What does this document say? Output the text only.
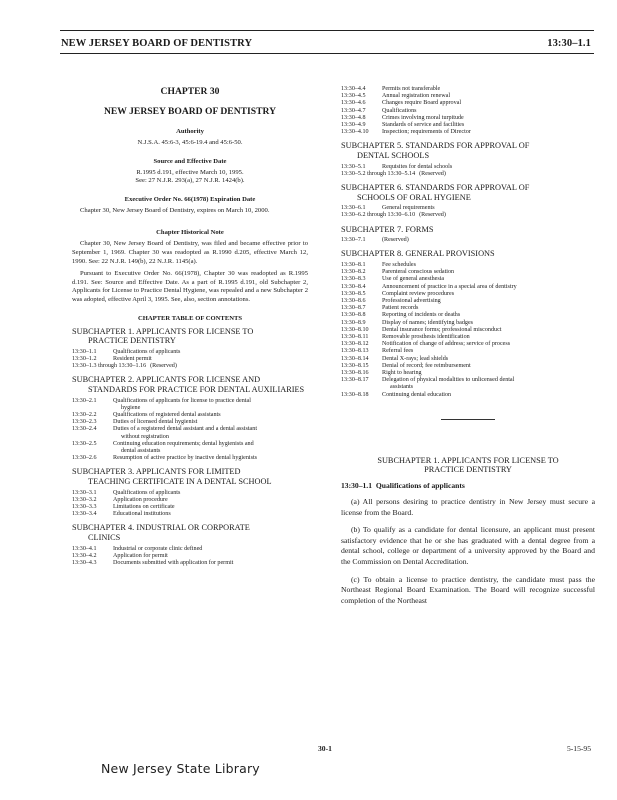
NEW JERSEY BOARD OF DENTISTRY	13:30–1.1
CHAPTER 30
NEW JERSEY BOARD OF DENTISTRY
Authority
N.J.S.A. 45:6-3, 45:6-19.4 and 45:6-50.
Source and Effective Date
R.1995 d.191, effective March 10, 1995.
See: 27 N.J.R. 293(a), 27 N.J.R. 1424(b).
Executive Order No. 66(1978) Expiration Date

Chapter 30, New Jersey Board of Dentistry, expires on March 10, 2000.

Chapter Historical Note

Chapter 30, New Jersey Board of Dentistry, was filed and became effective prior to September 1, 1969. Chapter 30 was readopted as R.1990 d.205, effective March 12, 1990. See: 22 N.J.R. 149(b), 22 N.J.R. 1145(a).

Pursuant to Executive Order No. 66(1978), Chapter 30 was readopted as R.1995 d.191. See: Source and Effective Date. As a part of R.1995 d.191, old Subchapter 2, Applicants for License to Practice Dental Hygiene, was repealed and a new Subchapter 2 was adopted, effective April 3, 1995. See, also, section annotations.

CHAPTER TABLE OF CONTENTS
SUBCHAPTER 1. APPLICANTS FOR LICENSE TO
PRACTICE DENTISTRY
13:30–1.1	Qualifications of applicants
13:30–1.2	Resident permit
13:30–1.3 through 13:30–1.16 (Reserved)
SUBCHAPTER 2. APPLICANTS FOR LICENSE AND
STANDARDS FOR PRACTICE FOR DENTAL AUXILIARIES
13:30–2.1	Qualifications of applicants for license to practice dental
hygiene
13:30–2.2	Qualifications of registered dental assistants
13:30–2.3	Duties of licensed dental hygienist
13:30–2.4	Duties of a registered dental assistant and a dental assistant
without registration
13:30–2.5	Continuing education requirements; dental hygienists and
dental assistants
13:30–2.6	Resumption of active practice by inactive dental hygienists
SUBCHAPTER 3. APPLICANTS FOR LIMITED
TEACHING CERTIFICATE IN A DENTAL SCHOOL
13:30–3.1	Qualifications of applicants
13:30–3.2	Application procedure
13:30–3.3	Limitations on certificate
13:30–3.4	Educational institutions
SUBCHAPTER 4. INDUSTRIAL OR CORPORATE
CLINICS
13:30–4.1	Industrial or corporate clinic defined
13:30–4.2	Application for permit
13:30–4.3	Documents submitted with application for permit
13:30–4.4	Permits not transferable
13:30–4.5	Annual registration renewal
13:30–4.6	Changes require Board approval
13:30–4.7	Qualifications
13:30–4.8	Crimes involving moral turpitude
13:30–4.9	Standards of service and facilities
13:30–4.10	Inspection; requirements of Director
SUBCHAPTER 5. STANDARDS FOR APPROVAL OF
DENTAL SCHOOLS
13:30–5.1	Requisites for dental schools
13:30–5.2 through 13:30–5.14 (Reserved)
SUBCHAPTER 6. STANDARDS FOR APPROVAL OF
SCHOOLS OF ORAL HYGIENE
13:30–6.1	General requirements
13:30–6.2 through 13:30–6.10 (Reserved)
SUBCHAPTER 7. FORMS
13:30–7.1	(Reserved)
SUBCHAPTER 8. GENERAL PROVISIONS
13:30–8.1	Fee schedules
13:30–8.2	Parenteral conscious sedation
13:30–8.3	Use of general anesthesia
13:30–8.4	Announcement of practice in a special area of dentistry
13:30–8.5	Complaint review procedures
13:30–8.6	Professional advertising
13:30–8.7	Patient records
13:30–8.8	Reporting of incidents or deaths
13:30–8.9	Display of names; identifying badges
13:30–8.10	Dental insurance forms; professional misconduct
13:30–8.11	Removable prosthesis identification
13:30–8.12	Notification of change of address; service of process
13:30–8.13	Referral fees
13:30–8.14	Dental X-rays; lead shields
13:30–8.15	Denial of record; fee reimbursement
13:30–8.16	Right to hearing
13:30–8.17	Delegation of physical modalities to unlicensed dental
assistants
13:30–8.18	Continuing dental education
SUBCHAPTER 1. APPLICANTS FOR LICENSE TO
PRACTICE DENTISTRY
13:30–1.1 Qualifications of applicants

(a) All persons desiring to practice dentistry in New Jersey must secure a license from the Board.

(b) To qualify as a candidate for dental licensure, an applicant must present satisfactory evidence that he or she has graduated with a dental degree from a dental school, college or department of a university approved by the Board and the Commission on Dental Accreditation.

(c) To obtain a license to practice dentistry, the candidate must pass the Northeast Regional Board Examination. The Board will recognize successful completion of the Northeast

30-1	5-15-95
New Jersey State Library
